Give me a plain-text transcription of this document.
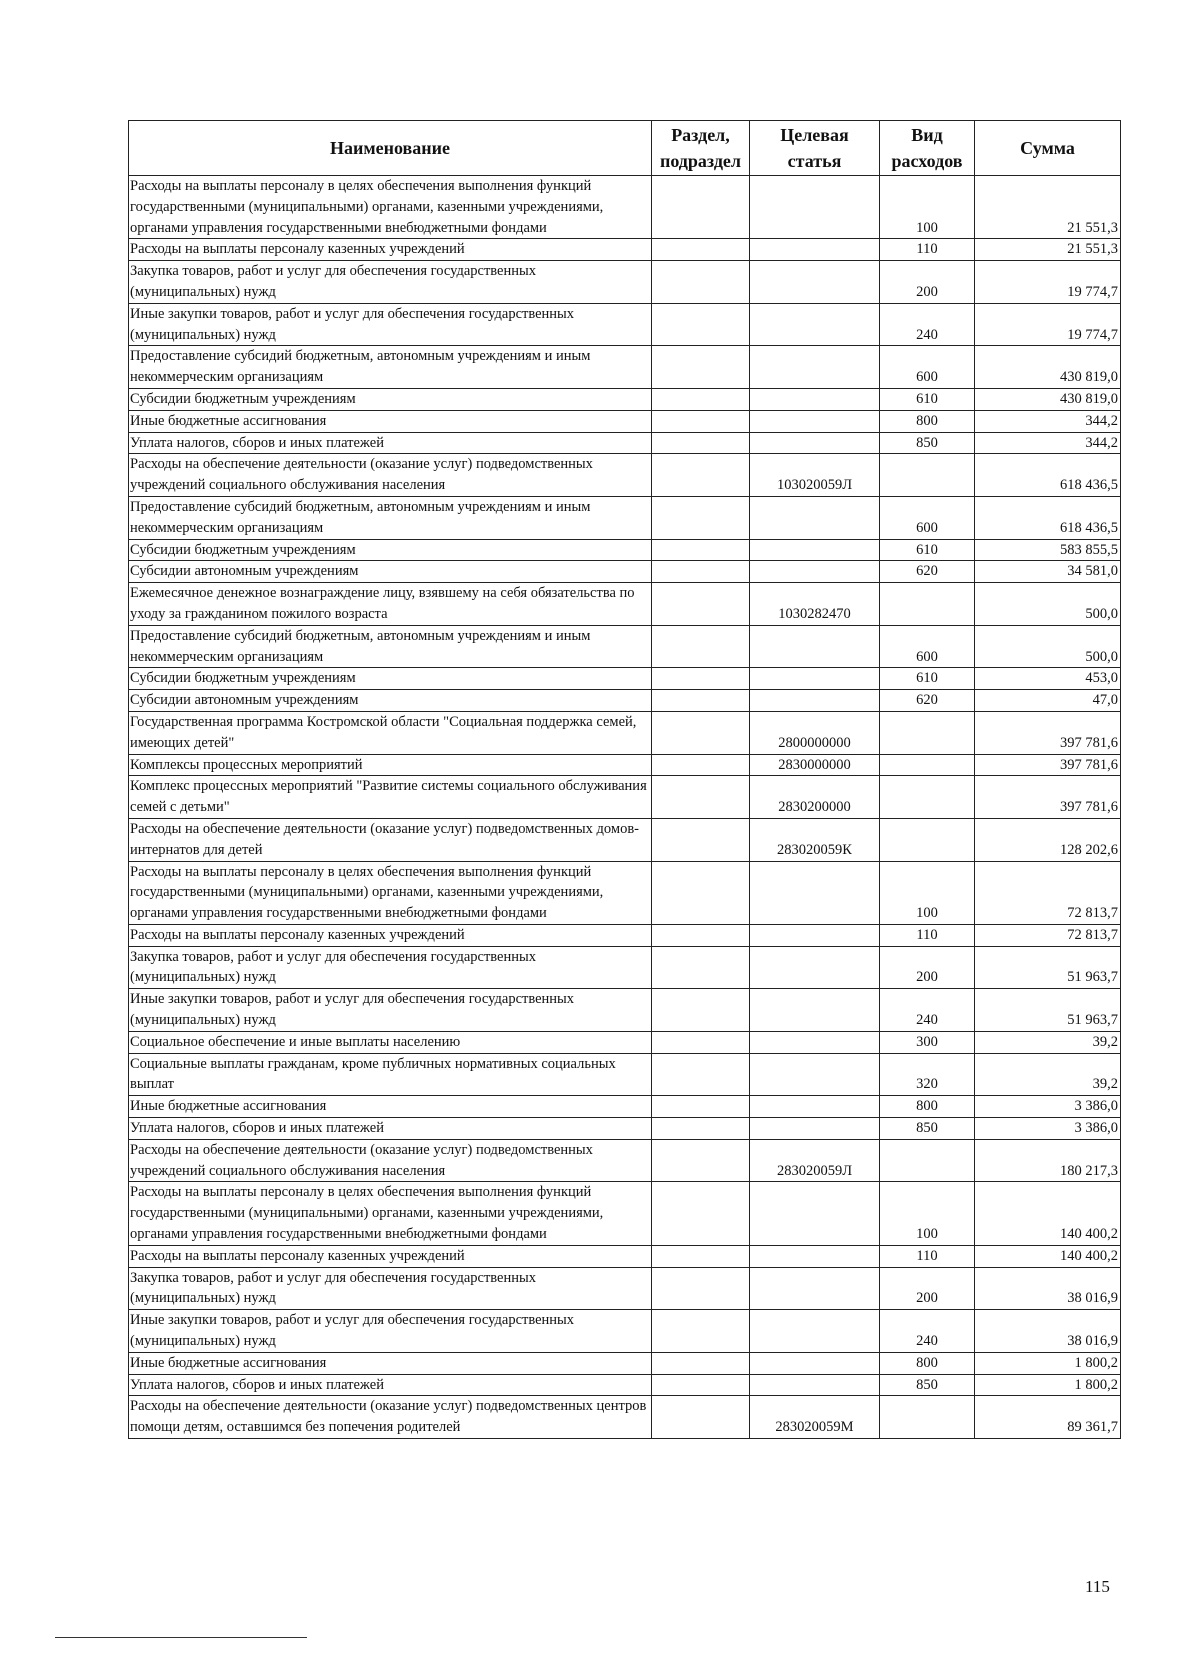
Наименование	Раздел, подраздел	Целевая статья	Вид расходов	Сумма
Расходы на выплаты персоналу в целях обеспечения выполнения функций государственными (муниципальными) органами, казенными учреждениями, органами управления государственными внебюджетными фондами			100	21 551,3
Расходы на выплаты персоналу казенных учреждений			110	21 551,3
Закупка товаров, работ и услуг для обеспечения государственных (муниципальных) нужд			200	19 774,7
Иные закупки товаров, работ и услуг для обеспечения государственных (муниципальных) нужд			240	19 774,7
Предоставление субсидий бюджетным, автономным учреждениям и иным некоммерческим организациям			600	430 819,0
Субсидии бюджетным учреждениям			610	430 819,0
Иные бюджетные ассигнования			800	344,2
Уплата налогов, сборов и иных платежей			850	344,2
Расходы на обеспечение деятельности (оказание услуг) подведомственных учреждений социального обслуживания населения		103020059Л		618 436,5
Предоставление субсидий бюджетным, автономным учреждениям и иным некоммерческим организациям			600	618 436,5
Субсидии бюджетным учреждениям			610	583 855,5
Субсидии автономным учреждениям			620	34 581,0
Ежемесячное денежное вознаграждение лицу, взявшему на себя обязательства по уходу за гражданином пожилого возраста		1030282470		500,0
Предоставление субсидий бюджетным, автономным учреждениям и иным некоммерческим организациям			600	500,0
Субсидии бюджетным учреждениям			610	453,0
Субсидии автономным учреждениям			620	47,0
Государственная программа Костромской области "Социальная поддержка семей, имеющих детей"		2800000000		397 781,6
Комплексы процессных мероприятий		2830000000		397 781,6
Комплекс процессных мероприятий "Развитие системы социального обслуживания семей с детьми"		2830200000		397 781,6
Расходы на обеспечение деятельности (оказание услуг) подведомственных домов-интернатов для детей		283020059К		128 202,6
Расходы на выплаты персоналу в целях обеспечения выполнения функций государственными (муниципальными) органами, казенными учреждениями, органами управления государственными внебюджетными фондами			100	72 813,7
Расходы на выплаты персоналу казенных учреждений			110	72 813,7
Закупка товаров, работ и услуг для обеспечения государственных (муниципальных) нужд			200	51 963,7
Иные закупки товаров, работ и услуг для обеспечения государственных (муниципальных) нужд			240	51 963,7
Социальное обеспечение и иные выплаты населению			300	39,2
Социальные выплаты гражданам, кроме публичных нормативных социальных выплат			320	39,2
Иные бюджетные ассигнования			800	3 386,0
Уплата налогов, сборов и иных платежей			850	3 386,0
Расходы на обеспечение деятельности (оказание услуг) подведомственных учреждений социального обслуживания населения		283020059Л		180 217,3
Расходы на выплаты персоналу в целях обеспечения выполнения функций государственными (муниципальными) органами, казенными учреждениями, органами управления государственными внебюджетными фондами			100	140 400,2
Расходы на выплаты персоналу казенных учреждений			110	140 400,2
Закупка товаров, работ и услуг для обеспечения государственных (муниципальных) нужд			200	38 016,9
Иные закупки товаров, работ и услуг для обеспечения государственных (муниципальных) нужд			240	38 016,9
Иные бюджетные ассигнования			800	1 800,2
Уплата налогов, сборов и иных платежей			850	1 800,2
Расходы на обеспечение деятельности (оказание услуг) подведомственных центров помощи детям, оставшимся без попечения родителей		283020059М		89 361,7
115
